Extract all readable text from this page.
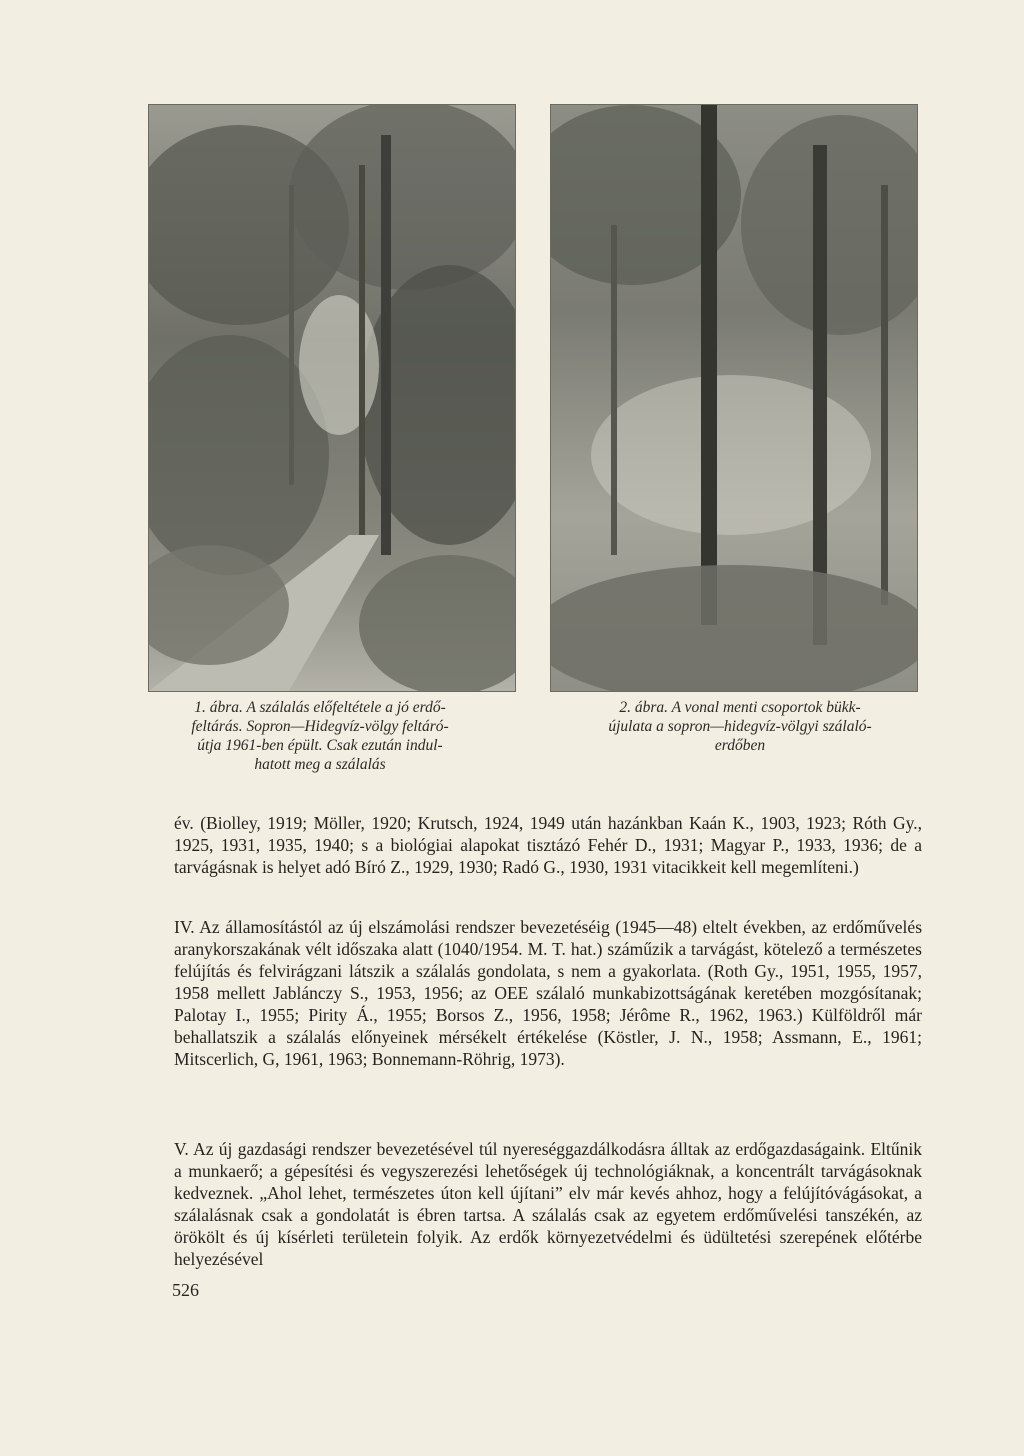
1. ábra. A szálalás előfeltétele a jó erdő-

feltárás. Sopron—Hidegvíz-völgy feltáró-

útja 1961-ben épült. Csak ezután indul-

hatott meg a szálalás

2. ábra. A vonal menti csoportok bükk-

újulata a sopron—hidegvíz-völgyi szálaló-

erdőben

év. (Biolley, 1919; Möller, 1920; Krutsch, 1924, 1949 után hazánkban Kaán K., 1903, 1923; Róth Gy., 1925, 1931, 1935, 1940; s a biológiai alapokat tisztázó Fehér D., 1931; Magyar P., 1933, 1936; de a tarvágásnak is helyet adó Bíró Z., 1929, 1930; Radó G., 1930, 1931 vitacikkeit kell megemlíteni.)

IV. Az államosítástól az új elszámolási rendszer bevezetéséig (1945—48) eltelt években, az erdőművelés aranykorszakának vélt időszaka alatt (1040/1954. M. T. hat.) száműzik a tarvágást, kötelező a természetes felújítás és felvirágzani látszik a szálalás gondolata, s nem a gyakorlata. (Roth Gy., 1951, 1955, 1957, 1958 mellett Jablánczy S., 1953, 1956; az OEE szálaló munkabizottságának keretében mozgósítanak; Palotay I., 1955; Pirity Á., 1955; Borsos Z., 1956, 1958; Jérôme R., 1962, 1963.) Külföldről már behallatszik a szálalás előnyeinek mérsékelt értékelése (Köstler, J. N., 1958; Assmann, E., 1961; Mitscerlich, G, 1961, 1963; Bonnemann-Röhrig, 1973).

V. Az új gazdasági rendszer bevezetésével túl nyereséggazdálkodásra álltak az erdőgazdaságaink. Eltűnik a munkaerő; a gépesítési és vegyszerezési lehetőségek új technológiáknak, a koncentrált tarvágásoknak kedveznek. „Ahol lehet, természetes úton kell újítani” elv már kevés ahhoz, hogy a felújítóvágásokat, a szálalásnak csak a gondolatát is ébren tartsa. A szálalás csak az egyetem erdőművelési tanszékén, az örökölt és új kísérleti területein folyik. Az erdők környezetvédelmi és üdültetési szerepének előtérbe helyezésével

526
